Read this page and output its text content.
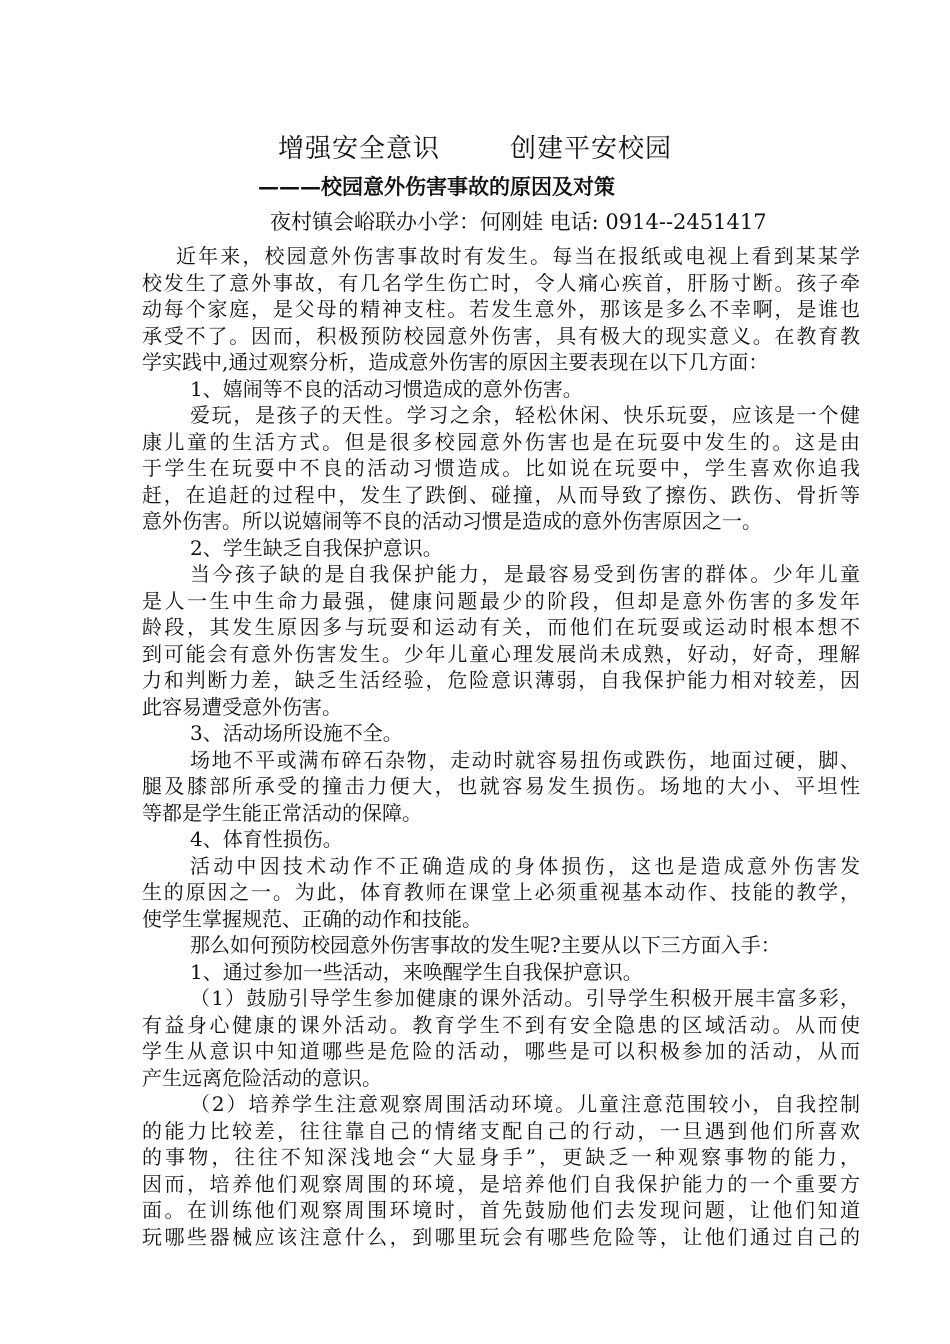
增强安全意识	创建平安校园
———校园意外伤害事故的原因及对策
夜村镇会峪联办小学：何刚娃 电话: 0914--2451417
近年来，校园意外伤害事故时有发生。每当在报纸或电视上看到某某学
校发生了意外事故，有几名学生伤亡时，令人痛心疾首，肝肠寸断。孩子牵
动每个家庭，是父母的精神支柱。若发生意外，那该是多么不幸啊，是谁也
承受不了。因而，积极预防校园意外伤害，具有极大的现实意义。在教育教
学实践中,通过观察分析，造成意外伤害的原因主要表现在以下几方面：
1、嬉闹等不良的活动习惯造成的意外伤害。
爱玩，是孩子的天性。学习之余，轻松休闲、快乐玩耍，应该是一个健
康儿童的生活方式。但是很多校园意外伤害也是在玩耍中发生的。这是由
于学生在玩耍中不良的活动习惯造成。比如说在玩耍中，学生喜欢你追我
赶，在追赶的过程中，发生了跌倒、碰撞，从而导致了擦伤、跌伤、骨折等
意外伤害。所以说嬉闹等不良的活动习惯是造成的意外伤害原因之一。
2、学生缺乏自我保护意识。
当今孩子缺的是自我保护能力，是最容易受到伤害的群体。少年儿童
是人一生中生命力最强，健康问题最少的阶段，但却是意外伤害的多发年
龄段，其发生原因多与玩耍和运动有关，而他们在玩耍或运动时根本想不
到可能会有意外伤害发生。少年儿童心理发展尚未成熟，好动，好奇，理解
力和判断力差，缺乏生活经验，危险意识薄弱，自我保护能力相对较差，因
此容易遭受意外伤害。
3、活动场所设施不全。
场地不平或满布碎石杂物，走动时就容易扭伤或跌伤，地面过硬，脚、
腿及膝部所承受的撞击力便大，也就容易发生损伤。场地的大小、平坦性
等都是学生能正常活动的保障。
4、体育性损伤。
活动中因技术动作不正确造成的身体损伤，这也是造成意外伤害发
生的原因之一。为此，体育教师在课堂上必须重视基本动作、技能的教学，
使学生掌握规范、正确的动作和技能。
那么如何预防校园意外伤害事故的发生呢?主要从以下三方面入手：
1、通过参加一些活动，来唤醒学生自我保护意识。
（1）鼓励引导学生参加健康的课外活动。引导学生积极开展丰富多彩，
有益身心健康的课外活动。教育学生不到有安全隐患的区域活动。从而使
学生从意识中知道哪些是危险的活动，哪些是可以积极参加的活动，从而
产生远离危险活动的意识。
（2）培养学生注意观察周围活动环境。儿童注意范围较小，自我控制
的能力比较差，往往靠自己的情绪支配自己的行动，一旦遇到他们所喜欢
的事物，往往不知深浅地会“大显身手”，更缺乏一种观察事物的能力，
因而，培养他们观察周围的环境，是培养他们自我保护能力的一个重要方
面。在训练他们观察周围环境时，首先鼓励他们去发现问题，让他们知道
玩哪些器械应该注意什么，到哪里玩会有哪些危险等，让他们通过自己的
